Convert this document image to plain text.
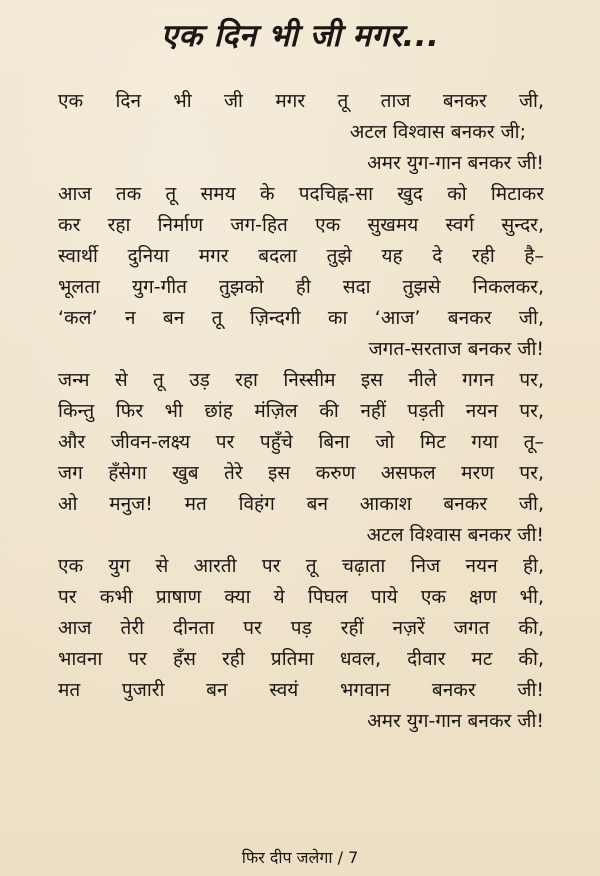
एक दिन भी जी मगर...
एक दिन भी जी मगर तू ताज बनकर जी,
अटल विश्वास बनकर जी;
अमर युग-गान बनकर जी!
आज तक तू समय के पदचिह्न-सा खुद को मिटाकर
कर रहा निर्माण जग-हित एक सुखमय स्वर्ग सुन्दर,
स्वार्थी दुनिया मगर बदला तुझे यह दे रही है–
भूलता युग-गीत तुझको ही सदा तुझसे निकलकर,
‘कल’ न बन तू ज़िन्दगी का ‘आज’ बनकर जी,
जगत-सरताज बनकर जी!
जन्म से तू उड़ रहा निस्सीम इस नीले गगन पर,
किन्तु फिर भी छांह मंज़िल की नहीं पड़ती नयन पर,
और जीवन-लक्ष्य पर पहुँचे बिना जो मिट गया तू–
जग हँसेगा खुब तेरे इस करुण असफल मरण पर,
ओ मनुज! मत विहंग बन आकाश बनकर जी,
अटल विश्वास बनकर जी!
एक युग से आरती पर तू चढ़ाता निज नयन ही,
पर कभी प्राषाण क्या ये पिघल पाये एक क्षण भी,
आज तेरी दीनता पर पड़ रहीं नज़रें जगत की,
भावना पर हँस रही प्रतिमा धवल, दीवार मट की,
मत पुजारी बन स्वयं भगवान बनकर जी!
अमर युग-गान बनकर जी!
फिर दीप जलेगा / 7
